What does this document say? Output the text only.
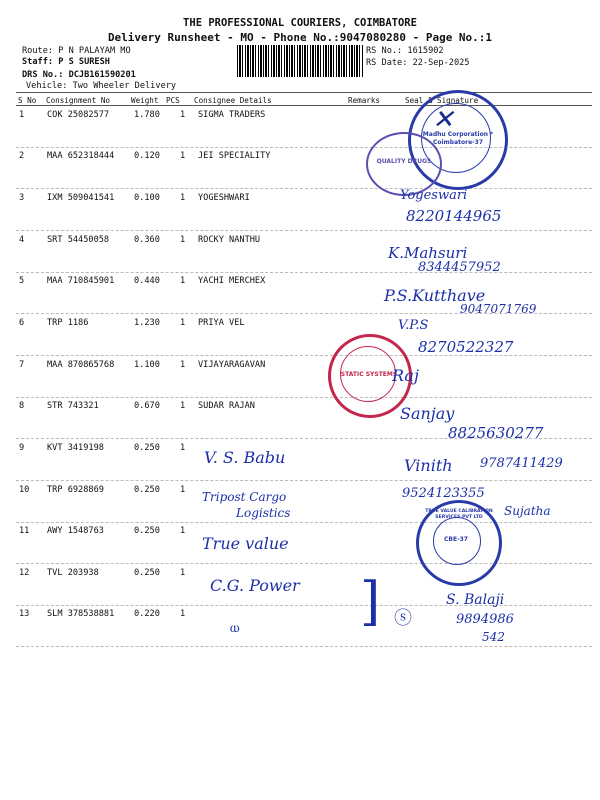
THE PROFESSIONAL COURIERS, COIMBATORE
Delivery Runsheet - MO - Phone No.:9047080280 - Page No.:1
Route: P N PALAYAM MO
Staff: P S SURESH
DRS No.: DCJB161590201
Vehicle: Two Wheeler Delivery
RS No.: 1615902
RS Date: 22-Sep-2025
S No Consignment No	Weight PCS Consignee Details	Remarks	Seal & Signature
1	COK 25082577	1.780 1 SIGMA TRADERS
2	MAA 652318444 0.120 1 JEI SPECIALITY
3	IXM 509041541 0.100 1 YOGESHWARI
4	SRT 54450058	0.360 1 ROCKY NANTHU
5	MAA 710845901 0.440 1 YACHI MERCHEX
6	TRP 1186	1.230 1 PRIYA VEL
7	MAA 870865768 1.100 1 VIJAYARAGAVAN
8	STR 743321	0.670 1 SUDAR RAJAN
9	KVT 3419198	0.250 1
10 TRP 6928869	0.250 1
11 AWY 1548763	0.250 1
12 TVL 203938	0.250 1
13 SLM 378538881 0.220 1
Madhu Corporation * Coimbatore-37
QUALITY DRUGS
STATIC SYSTEMS
TRUE VALUE CALIBRATION SERVICES PVT LTD
CBE-37
✕
Yogeswari
8220144965
K.Mahsuri
8344457952
P.S.Kutthave
9047071769
V.P.S
8270522327
Raj
Sanjay
8825630277
V. S. Babu	Vinith 9787411429
Tripost Cargo
Logistics
9524123355
Sujatha
True value
C.G. Power ] ⓢ
S. Balaji
9894986
542
ⲱ
